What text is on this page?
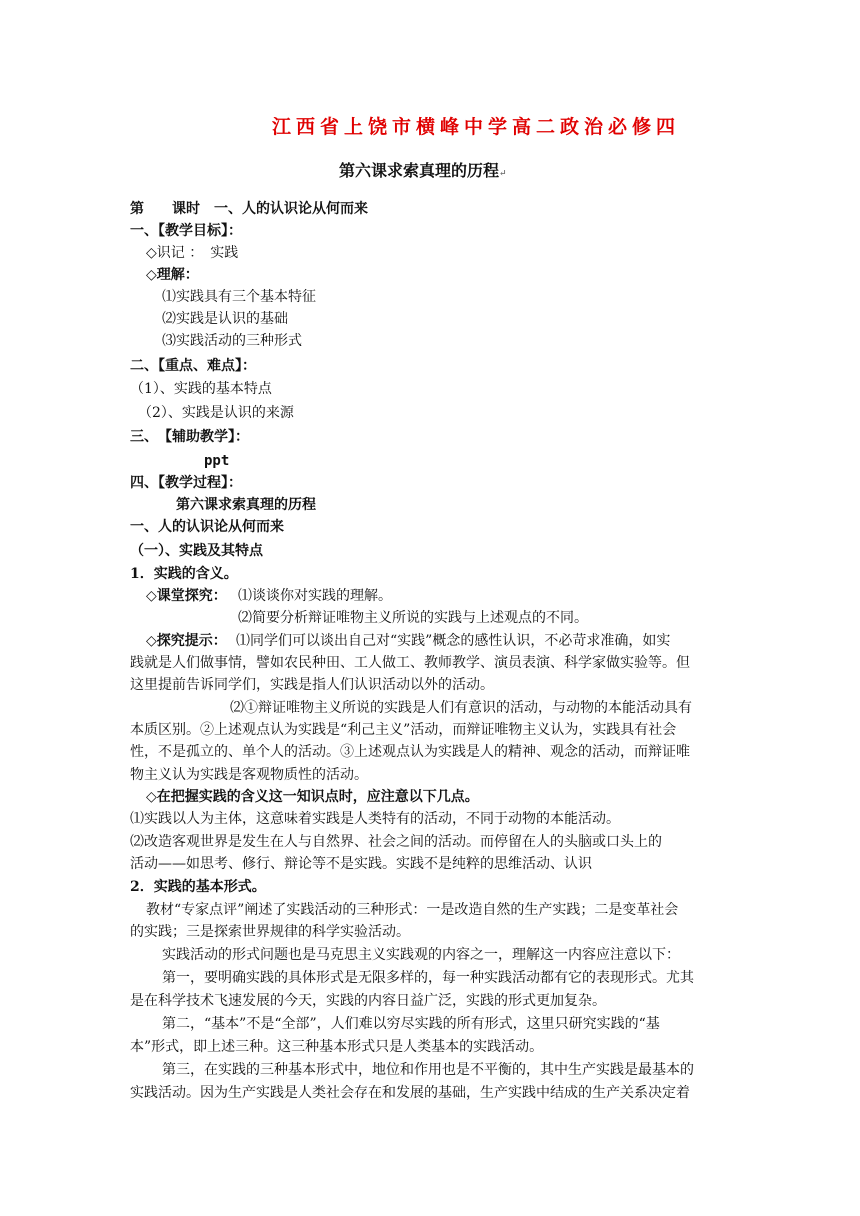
江西省上饶市横峰中学高二政治必修四
第六课求索真理的历程↵
第　　课时　一、人的认识论从何而来
一、【教学目标】：
◇识记 ：　实践
◇理解：
⑴实践具有三个基本特征
⑵实践是认识的基础
⑶实践活动的三种形式
二、【重点、难点】：
（1）、实践的基本特点
（2）、实践是认识的来源
三、　【辅助教学】：
ppt
四、【教学过程】：
第六课求索真理的历程
一、人的认识论从何而来
（一）、实践及其特点
1．实践的含义。
◇课堂探究： ⑴谈谈你对实践的理解。
⑵简要分析辩证唯物主义所说的实践与上述观点的不同。
◇探究提示： ⑴同学们可以谈出自己对“实践”概念的感性认识，不必苛求准确，如实
践就是人们做事情，譬如农民种田、工人做工、教师教学、演员表演、科学家做实验等。但
这里提前告诉同学们，实践是指人们认识活动以外的活动。
⑵①辩证唯物主义所说的实践是人们有意识的活动，与动物的本能活动具有
本质区别。②上述观点认为实践是“利己主义”活动，而辩证唯物主义认为，实践具有社会
性，不是孤立的、单个人的活动。③上述观点认为实践是人的精神、观念的活动，而辩证唯
物主义认为实践是客观物质性的活动。
◇在把握实践的含义这一知识点时，应注意以下几点。
⑴实践以人为主体，这意味着实践是人类特有的活动，不同于动物的本能活动。
⑵改造客观世界是发生在人与自然界、社会之间的活动。而停留在人的头脑或口头上的
活动——如思考、修行、辩论等不是实践。实践不是纯粹的思维活动、认识
2．实践的基本形式。
教材“专家点评”阐述了实践活动的三种形式：一是改造自然的生产实践；二是变革社会
的实践；三是探索世界规律的科学实验活动。
实践活动的形式问题也是马克思主义实践观的内容之一，理解这一内容应注意以下：
第一，要明确实践的具体形式是无限多样的，每一种实践活动都有它的表现形式。尤其
是在科学技术飞速发展的今天，实践的内容日益广泛，实践的形式更加复杂。
第二，“基本”不是“全部”，人们难以穷尽实践的所有形式，这里只研究实践的“基
本”形式，即上述三种。这三种基本形式只是人类基本的实践活动。
第三，在实践的三种基本形式中，地位和作用也是不平衡的，其中生产实践是最基本的
实践活动。因为生产实践是人类社会存在和发展的基础，生产实践中结成的生产关系决定着
